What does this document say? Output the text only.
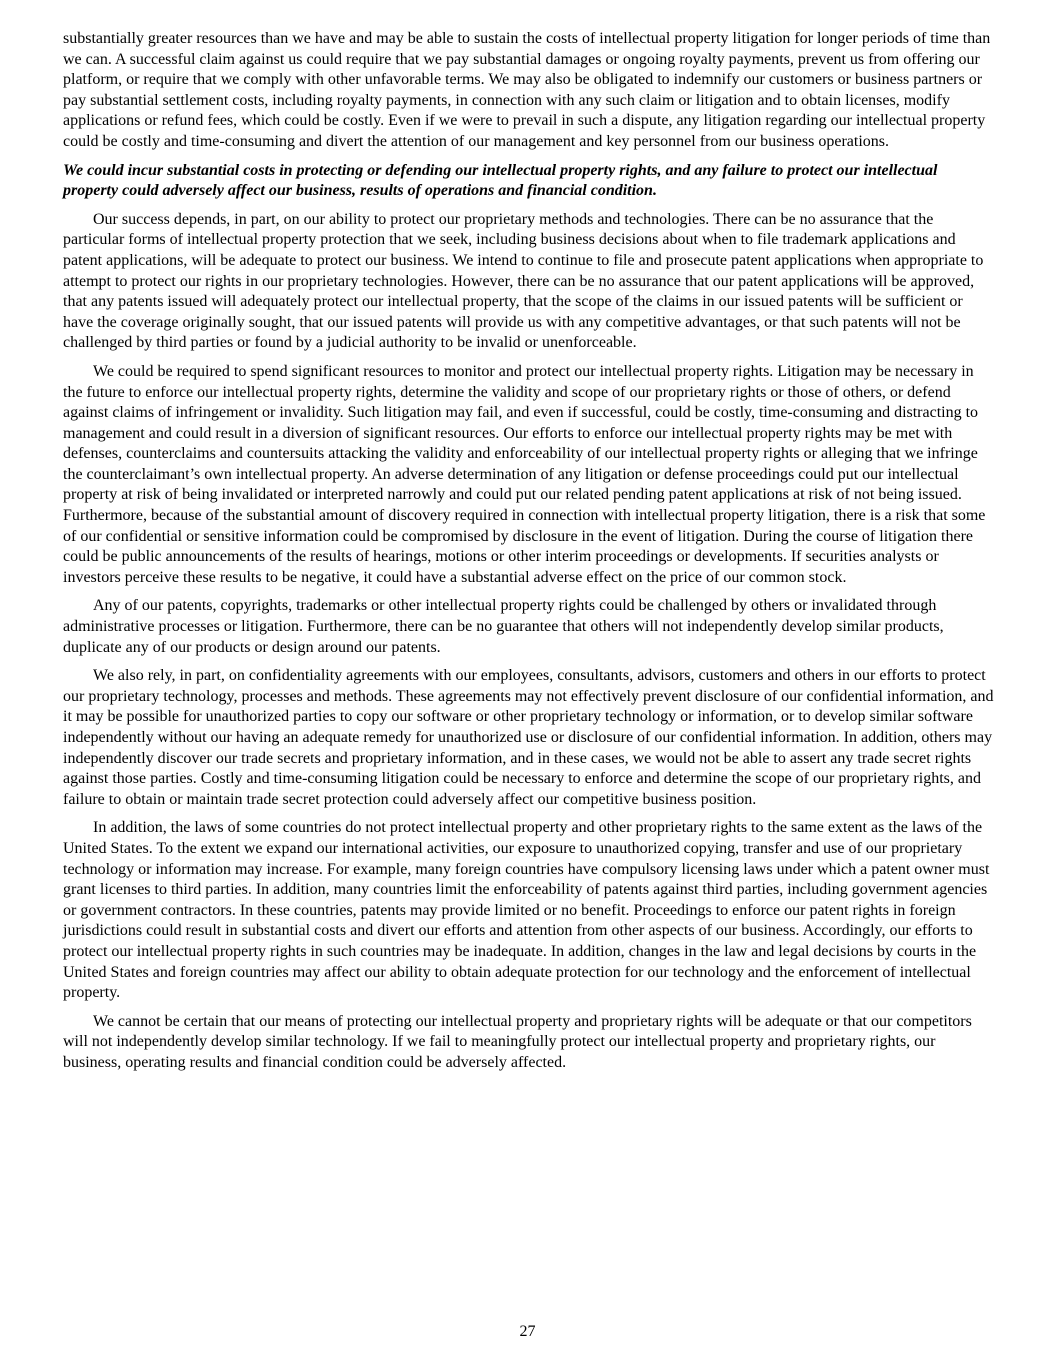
substantially greater resources than we have and may be able to sustain the costs of intellectual property litigation for longer periods of time than we can. A successful claim against us could require that we pay substantial damages or ongoing royalty payments, prevent us from offering our platform, or require that we comply with other unfavorable terms. We may also be obligated to indemnify our customers or business partners or pay substantial settlement costs, including royalty payments, in connection with any such claim or litigation and to obtain licenses, modify applications or refund fees, which could be costly. Even if we were to prevail in such a dispute, any litigation regarding our intellectual property could be costly and time-consuming and divert the attention of our management and key personnel from our business operations.

We could incur substantial costs in protecting or defending our intellectual property rights, and any failure to protect our intellectual property could adversely affect our business, results of operations and financial condition.

Our success depends, in part, on our ability to protect our proprietary methods and technologies. There can be no assurance that the particular forms of intellectual property protection that we seek, including business decisions about when to file trademark applications and patent applications, will be adequate to protect our business. We intend to continue to file and prosecute patent applications when appropriate to attempt to protect our rights in our proprietary technologies. However, there can be no assurance that our patent applications will be approved, that any patents issued will adequately protect our intellectual property, that the scope of the claims in our issued patents will be sufficient or have the coverage originally sought, that our issued patents will provide us with any competitive advantages, or that such patents will not be challenged by third parties or found by a judicial authority to be invalid or unenforceable.

We could be required to spend significant resources to monitor and protect our intellectual property rights. Litigation may be necessary in the future to enforce our intellectual property rights, determine the validity and scope of our proprietary rights or those of others, or defend against claims of infringement or invalidity. Such litigation may fail, and even if successful, could be costly, time-consuming and distracting to management and could result in a diversion of significant resources. Our efforts to enforce our intellectual property rights may be met with defenses, counterclaims and countersuits attacking the validity and enforceability of our intellectual property rights or alleging that we infringe the counterclaimant’s own intellectual property. An adverse determination of any litigation or defense proceedings could put our intellectual property at risk of being invalidated or interpreted narrowly and could put our related pending patent applications at risk of not being issued. Furthermore, because of the substantial amount of discovery required in connection with intellectual property litigation, there is a risk that some of our confidential or sensitive information could be compromised by disclosure in the event of litigation. During the course of litigation there could be public announcements of the results of hearings, motions or other interim proceedings or developments. If securities analysts or investors perceive these results to be negative, it could have a substantial adverse effect on the price of our common stock.

Any of our patents, copyrights, trademarks or other intellectual property rights could be challenged by others or invalidated through administrative processes or litigation. Furthermore, there can be no guarantee that others will not independently develop similar products, duplicate any of our products or design around our patents.

We also rely, in part, on confidentiality agreements with our employees, consultants, advisors, customers and others in our efforts to protect our proprietary technology, processes and methods. These agreements may not effectively prevent disclosure of our confidential information, and it may be possible for unauthorized parties to copy our software or other proprietary technology or information, or to develop similar software independently without our having an adequate remedy for unauthorized use or disclosure of our confidential information. In addition, others may independently discover our trade secrets and proprietary information, and in these cases, we would not be able to assert any trade secret rights against those parties. Costly and time-consuming litigation could be necessary to enforce and determine the scope of our proprietary rights, and failure to obtain or maintain trade secret protection could adversely affect our competitive business position.

In addition, the laws of some countries do not protect intellectual property and other proprietary rights to the same extent as the laws of the United States. To the extent we expand our international activities, our exposure to unauthorized copying, transfer and use of our proprietary technology or information may increase. For example, many foreign countries have compulsory licensing laws under which a patent owner must grant licenses to third parties. In addition, many countries limit the enforceability of patents against third parties, including government agencies or government contractors. In these countries, patents may provide limited or no benefit. Proceedings to enforce our patent rights in foreign jurisdictions could result in substantial costs and divert our efforts and attention from other aspects of our business. Accordingly, our efforts to protect our intellectual property rights in such countries may be inadequate. In addition, changes in the law and legal decisions by courts in the United States and foreign countries may affect our ability to obtain adequate protection for our technology and the enforcement of intellectual property.

We cannot be certain that our means of protecting our intellectual property and proprietary rights will be adequate or that our competitors will not independently develop similar technology. If we fail to meaningfully protect our intellectual property and proprietary rights, our business, operating results and financial condition could be adversely affected.

27
